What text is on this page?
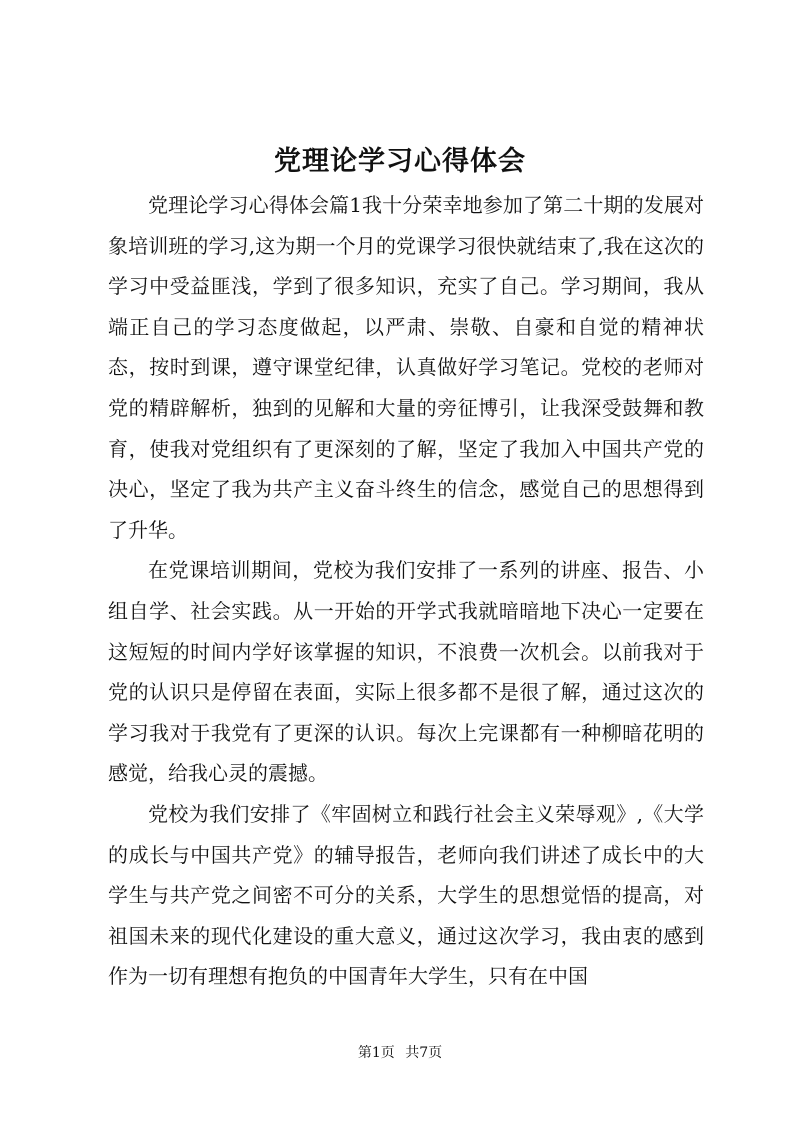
党理论学习心得体会

党理论学习心得体会篇1我十分荣幸地参加了第二十期的发展对象培训班的学习,这为期一个月的党课学习很快就结束了,我在这次的学习中受益匪浅，学到了很多知识，充实了自己。学习期间，我从端正自己的学习态度做起，以严肃、崇敬、自豪和自觉的精神状态，按时到课，遵守课堂纪律，认真做好学习笔记。党校的老师对党的精辟解析，独到的见解和大量的旁征博引，让我深受鼓舞和教育，使我对党组织有了更深刻的了解，坚定了我加入中国共产党的决心，坚定了我为共产主义奋斗终生的信念，感觉自己的思想得到了升华。

在党课培训期间，党校为我们安排了一系列的讲座、报告、小组自学、社会实践。从一开始的开学式我就暗暗地下决心一定要在这短短的时间内学好该掌握的知识，不浪费一次机会。以前我对于党的认识只是停留在表面，实际上很多都不是很了解，通过这次的学习我对于我党有了更深的认识。每次上完课都有一种柳暗花明的感觉，给我心灵的震撼。

党校为我们安排了《牢固树立和践行社会主义荣辱观》,《大学的成长与中国共产党》的辅导报告，老师向我们讲述了成长中的大学生与共产党之间密不可分的关系，大学生的思想觉悟的提高，对祖国未来的现代化建设的重大意义，通过这次学习，我由衷的感到作为一切有理想有抱负的中国青年大学生，只有在中国

第1页 共7页
